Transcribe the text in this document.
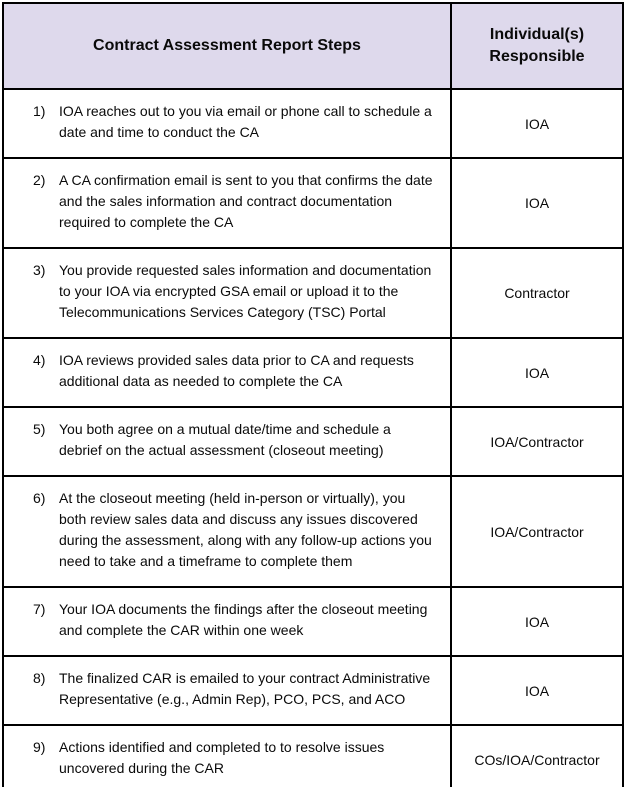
Contract Assessment Report Steps	Individual(s) Responsible

1) IOA reaches out to you via email or phone call to schedule a date and time to conduct the CA	IOA

2) A CA confirmation email is sent to you that confirms the date and the sales information and contract documentation required to complete the CA	IOA

3) You provide requested sales information and documentation to your IOA via encrypted GSA email or upload it to the Telecommunications Services Category (TSC) Portal	Contractor

4) IOA reviews provided sales data prior to CA and requests additional data as needed to complete the CA	IOA

5) You both agree on a mutual date/time and schedule a debrief on the actual assessment (closeout meeting)	IOA/Contractor

6) At the closeout meeting (held in-person or virtually), you both review sales data and discuss any issues discovered during the assessment, along with any follow-up actions you need to take and a timeframe to complete them	IOA/Contractor

7) Your IOA documents the findings after the closeout meeting and complete the CAR within one week	IOA

8) The finalized CAR is emailed to your contract Administrative Representative (e.g., Admin Rep), PCO, PCS, and ACO	IOA

9) Actions identified and completed to to resolve issues uncovered during the CAR	COs/IOA/Contractor
